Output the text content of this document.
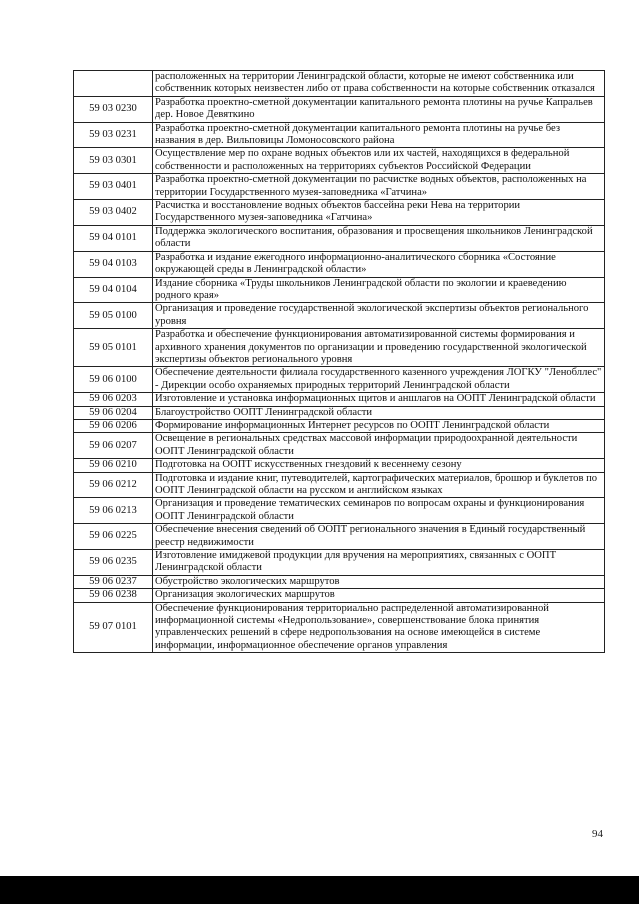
	расположенных на территории Ленинградской области, которые не имеют собственника или собственник которых неизвестен либо от права собственности на которые собственник отказался
59 03 0230	Разработка проектно-сметной документации капитального ремонта плотины на ручье Капральев дер. Новое Девяткино
59 03 0231	Разработка проектно-сметной документации капитального ремонта плотины на ручье без названия в дер. Вильповицы Ломоносовского района
59 03 0301	Осуществление мер по охране водных объектов или их частей, находящихся в федеральной собственности и расположенных на территориях субъектов Российской Федерации
59 03 0401	Разработка проектно-сметной документации по расчистке водных объектов, расположенных на территории Государственного музея-заповедника «Гатчина»
59 03 0402	Расчистка и восстановление водных объектов бассейна реки Нева на территории Государственного музея-заповедника «Гатчина»
59 04 0101	Поддержка экологического воспитания, образования и просвещения школьников Ленинградской области
59 04 0103	Разработка и издание ежегодного информационно-аналитического сборника «Состояние окружающей среды в Ленинградской области»
59 04 0104	Издание сборника «Труды школьников Ленинградской области по экологии и краеведению родного края»
59 05 0100	Организация и проведение государственной экологической экспертизы объектов регионального уровня
59 05 0101	Разработка и обеспечение функционирования автоматизированной системы формирования и архивного хранения документов по организации и проведению государственной экологической экспертизы объектов регионального уровня
59 06 0100	Обеспечение деятельности филиала государственного казенного учреждения ЛОГКУ "Ленобллес" - Дирекции особо охраняемых природных территорий Ленинградской области
59 06 0203	Изготовление и установка информационных щитов и аншлагов на ООПТ Ленинградской области
59 06 0204	Благоустройство ООПТ Ленинградской области
59 06 0206	Формирование информационных Интернет ресурсов по ООПТ Ленинградской области
59 06 0207	Освещение в региональных средствах массовой информации природоохранной деятельности ООПТ Ленинградской области
59 06 0210	Подготовка на ООПТ искусственных гнездовий к весеннему сезону
59 06 0212	Подготовка и издание книг, путеводителей, картографических материалов, брошюр и буклетов по ООПТ Ленинградской области на русском и английском языках
59 06 0213	Организация и проведение тематических семинаров по вопросам охраны и функционирования ООПТ Ленинградской области
59 06 0225	Обеспечение внесения сведений об ООПТ регионального значения в Единый государственный реестр недвижимости
59 06 0235	Изготовление имиджевой продукции для вручения на мероприятиях, связанных с ООПТ Ленинградской области
59 06 0237	Обустройство экологических маршрутов
59 06 0238	Организация экологических маршрутов
59 07 0101	Обеспечение функционирования территориально распределенной автоматизированной информационной системы «Недропользование», совершенствование блока принятия управленческих решений в сфере недропользования на основе имеющейся в системе информации, информационное обеспечение органов управления
94
